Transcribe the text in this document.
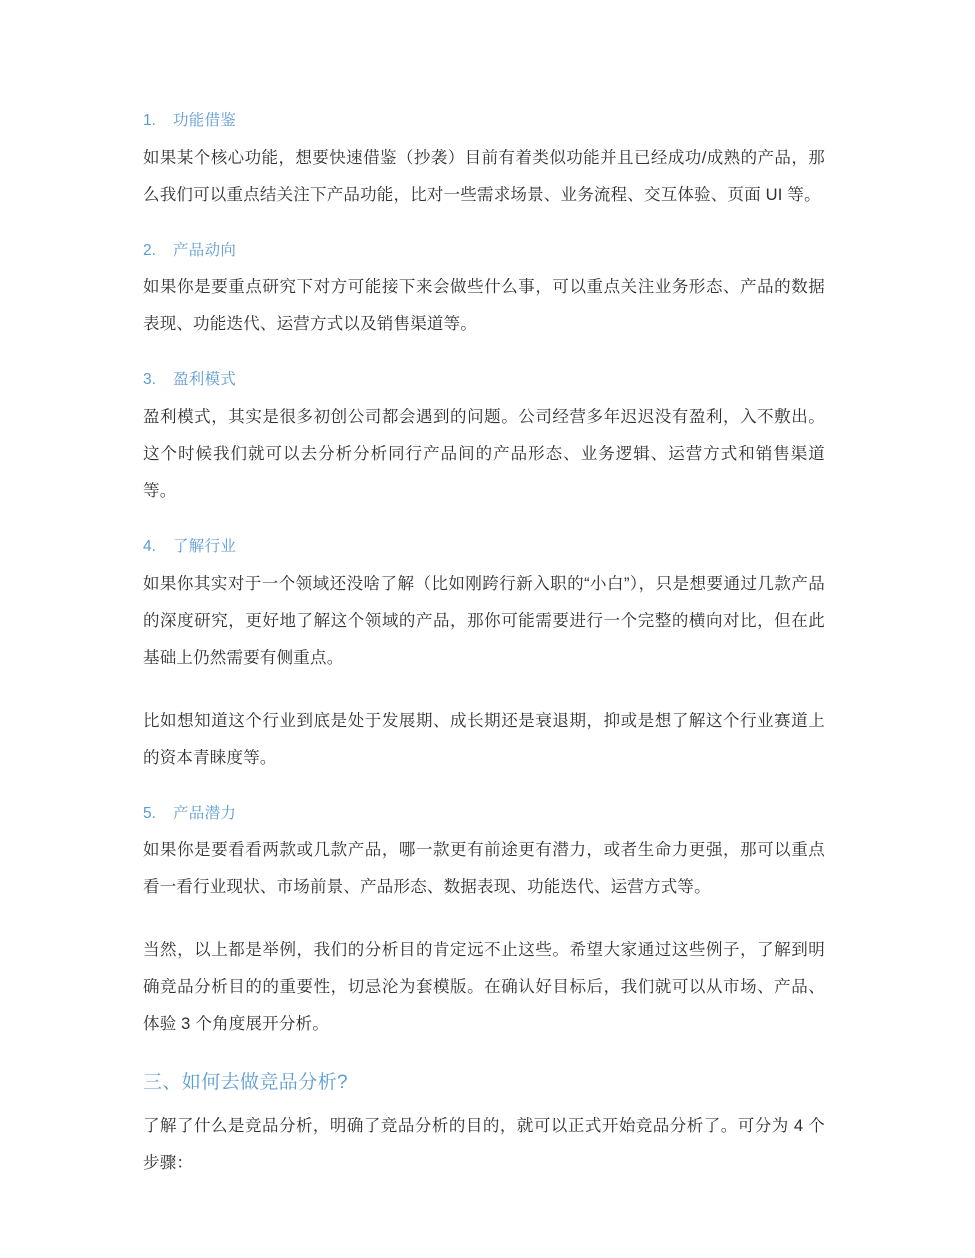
1.	功能借鉴

如果某个核心功能，想要快速借鉴（抄袭）目前有着类似功能并且已经成功/成熟的产品，那么我们可以重点结关注下产品功能，比对一些需求场景、业务流程、交互体验、页面 UI 等。

2.	产品动向

如果你是要重点研究下对方可能接下来会做些什么事，可以重点关注业务形态、产品的数据表现、功能迭代、运营方式以及销售渠道等。

3.	盈利模式

盈利模式，其实是很多初创公司都会遇到的问题。公司经营多年迟迟没有盈利，入不敷出。这个时候我们就可以去分析分析同行产品间的产品形态、业务逻辑、运营方式和销售渠道等。

4.	了解行业

如果你其实对于一个领域还没啥了解（比如刚跨行新入职的“小白”），只是想要通过几款产品的深度研究，更好地了解这个领域的产品，那你可能需要进行一个完整的横向对比，但在此基础上仍然需要有侧重点。

比如想知道这个行业到底是处于发展期、成长期还是衰退期，抑或是想了解这个行业赛道上的资本青睐度等。

5.	产品潜力

如果你是要看看两款或几款产品，哪一款更有前途更有潜力，或者生命力更强，那可以重点看一看行业现状、市场前景、产品形态、数据表现、功能迭代、运营方式等。

当然，以上都是举例，我们的分析目的肯定远不止这些。希望大家通过这些例子，了解到明确竞品分析目的的重要性，切忌沦为套模版。在确认好目标后，我们就可以从市场、产品、体验 3 个角度展开分析。

三、如何去做竞品分析?

了解了什么是竞品分析，明确了竞品分析的目的，就可以正式开始竞品分析了。可分为 4 个步骤：
